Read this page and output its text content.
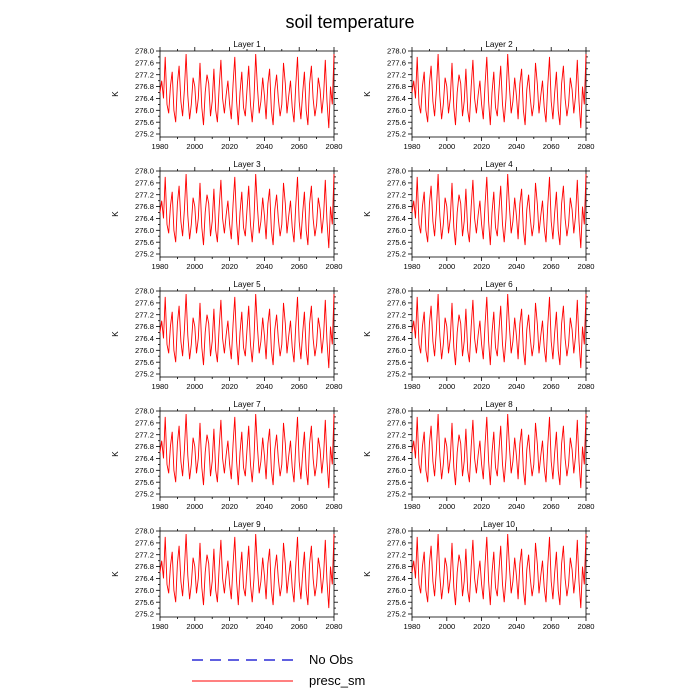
soil temperature
Layer 1
275.2
275.6
276.0
276.4
276.8
277.2
277.6
278.0
1980 2000 2020 2040 2060 2080
K
Layer 2
275.2
275.6
276.0
276.4
276.8
277.2
277.6
278.0
1980 2000 2020 2040 2060 2080
K
Layer 3
275.2
275.6
276.0
276.4
276.8
277.2
277.6
278.0
1980 2000 2020 2040 2060 2080
K
Layer 4
275.2
275.6
276.0
276.4
276.8
277.2
277.6
278.0
1980 2000 2020 2040 2060 2080
K
Layer 5
275.2
275.6
276.0
276.4
276.8
277.2
277.6
278.0
1980 2000 2020 2040 2060 2080
K
Layer 6
275.2
275.6
276.0
276.4
276.8
277.2
277.6
278.0
1980 2000 2020 2040 2060 2080
K
Layer 7
275.2
275.6
276.0
276.4
276.8
277.2
277.6
278.0
1980 2000 2020 2040 2060 2080
K
Layer 8
275.2
275.6
276.0
276.4
276.8
277.2
277.6
278.0
1980 2000 2020 2040 2060 2080
K
Layer 9
275.2
275.6
276.0
276.4
276.8
277.2
277.6
278.0
1980 2000 2020 2040 2060 2080
K
Layer 10
275.2
275.6
276.0
276.4
276.8
277.2
277.6
278.0
1980 2000 2020 2040 2060 2080
K
No Obs
presc_sm
